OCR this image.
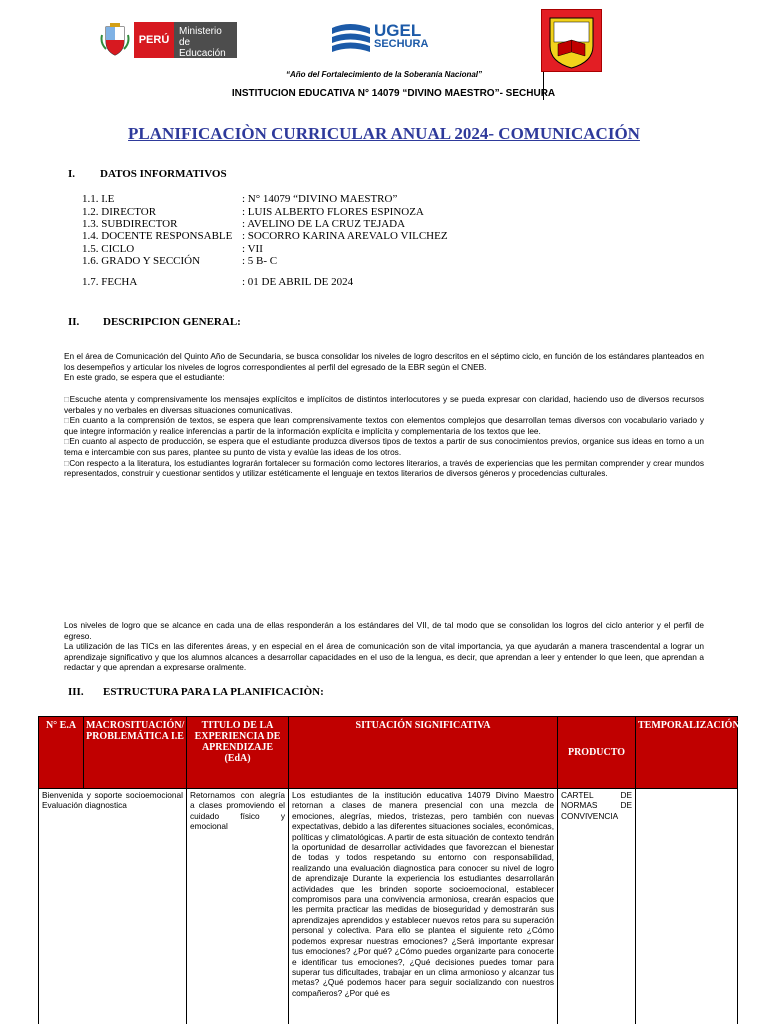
PERÚ
Ministerio de Educación
UGEL
SECHURA
“Año del Fortalecimiento de la Soberanía Nacional”
INSTITUCION EDUCATIVA N° 14079 “DIVINO MAESTRO”- SECHURA
PLANIFICACIÒN CURRICULAR ANUAL 2024- COMUNICACIÓN
I. DATOS INFORMATIVOS
1.1. I.E	: N° 14079 “DIVINO MAESTRO”
1.2. DIRECTOR	: LUIS ALBERTO FLORES ESPINOZA
1.3. SUBDIRECTOR	: AVELINO DE LA CRUZ TEJADA
1.4. DOCENTE RESPONSABLE : SOCORRO KARINA AREVALO VILCHEZ
1.5. CICLO	: VII
1.6. GRADO Y SECCIÓN	: 5 B- C
1.7. FECHA	: 01 DE ABRIL DE 2024
II. DESCRIPCION GENERAL:
En el área de Comunicación del Quinto Año de Secundaria, se busca consolidar los niveles de logro descritos en el séptimo ciclo, en función de los estándares planteados en los desempeños y articular los niveles de logros correspondientes al perfil del egresado de la EBR según el CNEB.
En este grado, se espera que el estudiante:
□Escuche atenta y comprensivamente los mensajes explícitos e implícitos de distintos interlocutores y se pueda expresar con claridad, haciendo uso de diversos recursos verbales y no verbales en diversas situaciones comunicativas.
□En cuanto a la comprensión de textos, se espera que lean comprensivamente textos con elementos complejos que desarrollan temas diversos con vocabulario variado y que integre información y realice inferencias a partir de la información explícita e implícita y complementaria de los textos que lee.
□En cuanto al aspecto de producción, se espera que el estudiante produzca diversos tipos de textos a partir de sus conocimientos previos, organice sus ideas en torno a un tema e intercambie con sus pares, plantee su punto de vista y evalúe las ideas de los otros.
□Con respecto a la literatura, los estudiantes lograrán fortalecer su formación como lectores literarios, a través de experiencias que les permitan comprender y crear mundos representados, construir y cuestionar sentidos y utilizar estéticamente el lenguaje en textos literarios de diversos géneros y procedencias culturales.
Los niveles de logro que se alcance en cada una de ellas responderán a los estándares del VII, de tal modo que se consolidan los logros del ciclo anterior y el perfil de egreso.
La utilización de las TICs en las diferentes áreas, y en especial en el área de comunicación son de vital importancia, ya que ayudarán a manera trascendental a lograr un aprendizaje significativo y que los alumnos alcances a desarrollar capacidades en el uso de la lengua, es decir, que aprendan a leer y entender lo que leen, que aprendan a redactar y que aprendan a expresarse oralmente.
III. ESTRUCTURA PARA LA PLANIFICACIÒN:
N° E.A	MACROSITUACIÓN/ PROBLEMÁTICA I.E	TITULO DE LA EXPERIENCIA DE APRENDIZAJE (EdA)	SITUACIÓN SIGNIFICATIVA	PRODUCTO	TEMPORALIZACIÓN
Bienvenida y soporte socioemocional Evaluación diagnostica		Retornamos con alegría a clases promoviendo el cuidado físico y emocional	Los estudiantes de la institución educativa 14079 Divino Maestro retornan a clases de manera presencial con una mezcla de emociones, alegrías, miedos, tristezas, pero también con nuevas expectativas, debido a las diferentes situaciones sociales, económicas, políticas y climatológicas. A partir de esta situación de contexto tendrán la oportunidad de desarrollar actividades que favorezcan el bienestar de todas y todos respetando su entorno con responsabilidad, realizando una evaluación diagnostica para conocer su nivel de logro de aprendizaje Durante la experiencia los estudiantes desarrollarán actividades que les brinden soporte socioemocional, establecer compromisos para una convivencia armoniosa, crearán espacios que les permita practicar las medidas de bioseguridad y demostrarán sus aprendizajes aprendidos y establecer nuevos retos para su superación personal y colectiva. Para ello se plantea el siguiente reto ¿Cómo podemos expresar nuestras emociones? ¿Será importante expresar tus emociones? ¿Por qué? ¿Cómo puedes organizarte para conocerte e identificar tus emociones?, ¿Qué decisiones puedes tomar para superar tus dificultades, trabajar en un clima armonioso y alcanzar tus metas? ¿Qué podemos hacer para seguir socializando con nuestros compañeros? ¿Por qué es	CARTEL DE NORMAS DE CONVIVENCIA	
